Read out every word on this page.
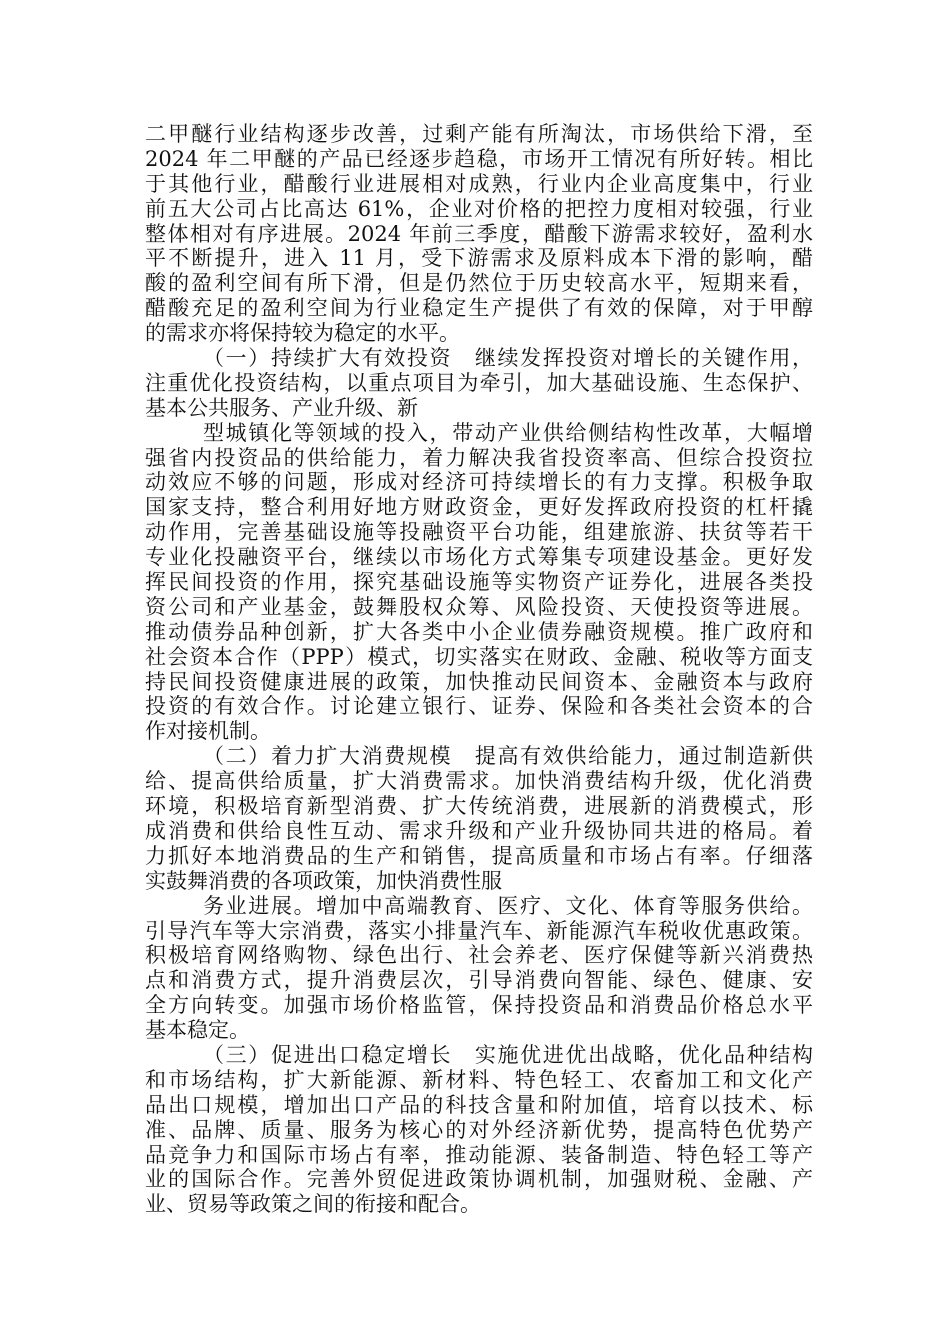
二甲醚行业结构逐步改善，过剩产能有所淘汰，市场供给下滑，至
2024 年二甲醚的产品已经逐步趋稳，市场开工情况有所好转。相比
于其他行业，醋酸行业进展相对成熟，行业内企业高度集中，行业
前五大公司占比高达 61%，企业对价格的把控力度相对较强，行业
整体相对有序进展。2024 年前三季度，醋酸下游需求较好，盈利水
平不断提升，进入 11 月，受下游需求及原料成本下滑的影响，醋
酸的盈利空间有所下滑，但是仍然位于历史较高水平，短期来看，
醋酸充足的盈利空间为行业稳定生产提供了有效的保障，对于甲醇
的需求亦将保持较为稳定的水平。
（一）持续扩大有效投资　继续发挥投资对增长的关键作用，
注重优化投资结构，以重点项目为牵引，加大基础设施、生态保护、
基本公共服务、产业升级、新
型城镇化等领域的投入，带动产业供给侧结构性改革，大幅增
强省内投资品的供给能力，着力解决我省投资率高、但综合投资拉
动效应不够的问题，形成对经济可持续增长的有力支撑。积极争取
国家支持，整合利用好地方财政资金，更好发挥政府投资的杠杆撬
动作用，完善基础设施等投融资平台功能，组建旅游、扶贫等若干
专业化投融资平台，继续以市场化方式筹集专项建设基金。更好发
挥民间投资的作用，探究基础设施等实物资产证券化，进展各类投
资公司和产业基金，鼓舞股权众筹、风险投资、天使投资等进展。
推动债券品种创新，扩大各类中小企业债券融资规模。推广政府和
社会资本合作（PPP）模式，切实落实在财政、金融、税收等方面支
持民间投资健康进展的政策，加快推动民间资本、金融资本与政府
投资的有效合作。讨论建立银行、证券、保险和各类社会资本的合
作对接机制。
（二）着力扩大消费规模　提高有效供给能力，通过制造新供
给、提高供给质量，扩大消费需求。加快消费结构升级，优化消费
环境，积极培育新型消费、扩大传统消费，进展新的消费模式，形
成消费和供给良性互动、需求升级和产业升级协同共进的格局。着
力抓好本地消费品的生产和销售，提高质量和市场占有率。仔细落
实鼓舞消费的各项政策，加快消费性服
务业进展。增加中高端教育、医疗、文化、体育等服务供给。
引导汽车等大宗消费，落实小排量汽车、新能源汽车税收优惠政策。
积极培育网络购物、绿色出行、社会养老、医疗保健等新兴消费热
点和消费方式，提升消费层次，引导消费向智能、绿色、健康、安
全方向转变。加强市场价格监管，保持投资品和消费品价格总水平
基本稳定。
（三）促进出口稳定增长　实施优进优出战略，优化品种结构
和市场结构，扩大新能源、新材料、特色轻工、农畜加工和文化产
品出口规模，增加出口产品的科技含量和附加值，培育以技术、标
准、品牌、质量、服务为核心的对外经济新优势，提高特色优势产
品竞争力和国际市场占有率，推动能源、装备制造、特色轻工等产
业的国际合作。完善外贸促进政策协调机制，加强财税、金融、产
业、贸易等政策之间的衔接和配合。
